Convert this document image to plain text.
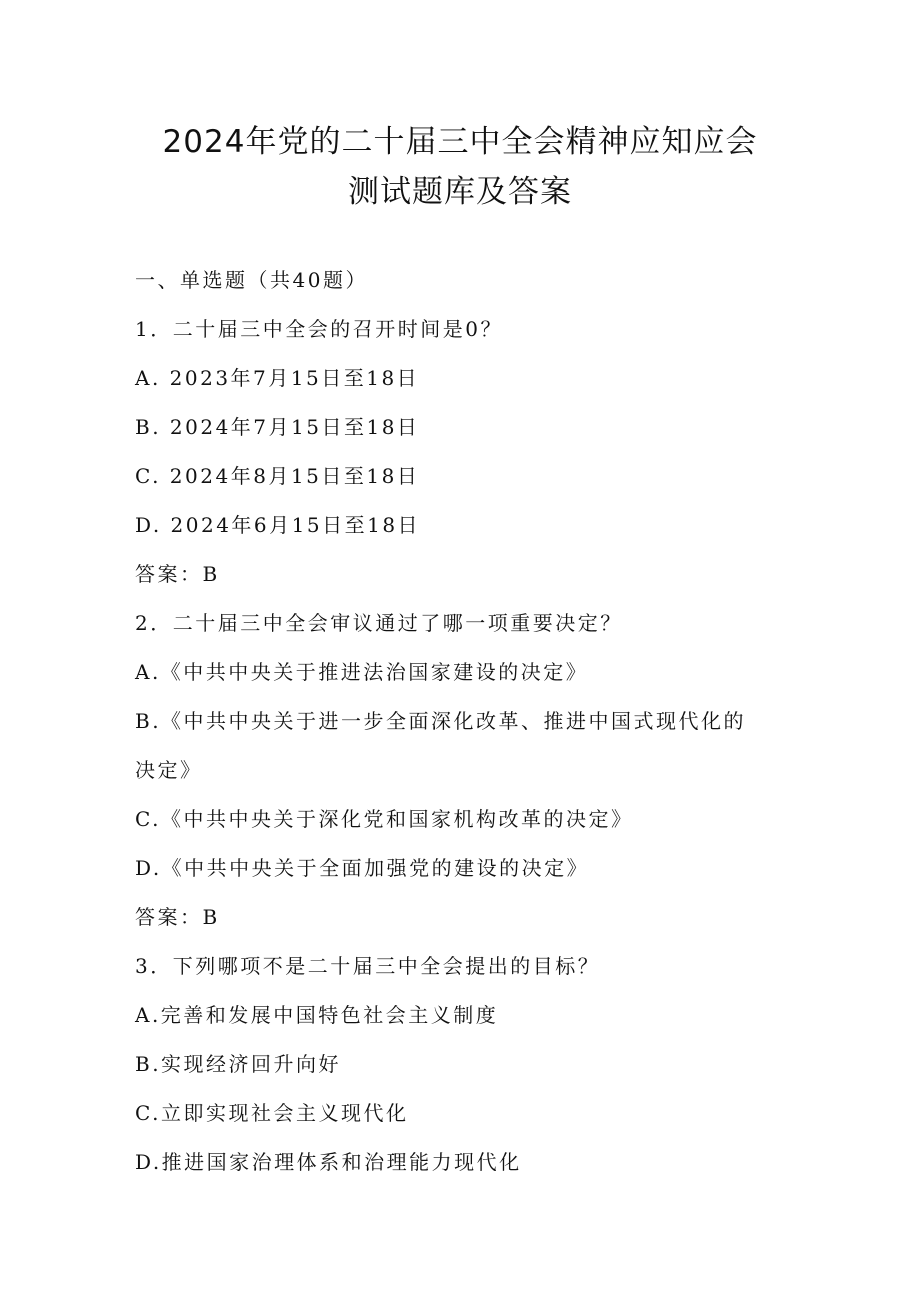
2024年党的二十届三中全会精神应知应会
测试题库及答案
一、单选题（共40题）
1．二十届三中全会的召开时间是0？
A. 2023年7月15日至18日
B. 2024年7月15日至18日
C. 2024年8月15日至18日
D. 2024年6月15日至18日
答案：B
2．二十届三中全会审议通过了哪一项重要决定？
A.《中共中央关于推进法治国家建设的决定》
B.《中共中央关于进一步全面深化改革、推进中国式现代化的
决定》
C.《中共中央关于深化党和国家机构改革的决定》
D.《中共中央关于全面加强党的建设的决定》
答案：B
3．下列哪项不是二十届三中全会提出的目标？
A.完善和发展中国特色社会主义制度
B.实现经济回升向好
C.立即实现社会主义现代化
D.推进国家治理体系和治理能力现代化
